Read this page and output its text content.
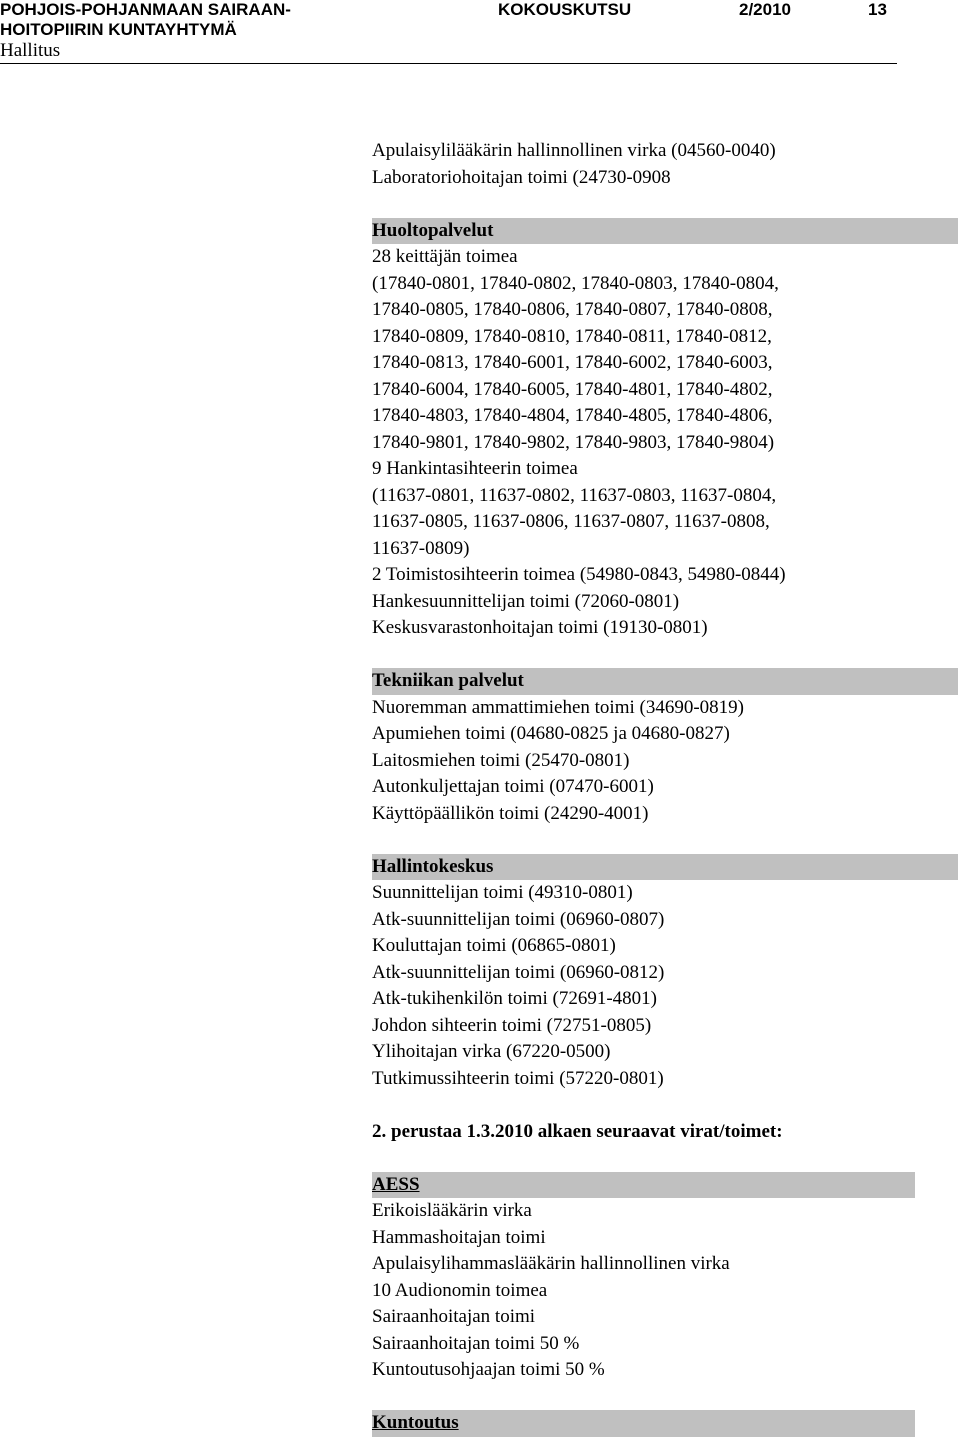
POHJOIS-POHJANMAAN SAIRAAN-
HOITOPIIRIN KUNTAYHTYMÄ
KOKOUSKUTSU	2/2010	13
Hallitus
Apulaisylilääkärin hallinnollinen virka (04560-0040)
Laboratoriohoitajan toimi (24730-0908
Huoltopalvelut
28 keittäjän toimea
(17840-0801, 17840-0802, 17840-0803, 17840-0804,
17840-0805, 17840-0806, 17840-0807, 17840-0808,
17840-0809, 17840-0810, 17840-0811, 17840-0812,
17840-0813, 17840-6001, 17840-6002, 17840-6003,
17840-6004, 17840-6005, 17840-4801, 17840-4802,
17840-4803, 17840-4804, 17840-4805, 17840-4806,
17840-9801, 17840-9802, 17840-9803, 17840-9804)
9 Hankintasihteerin toimea
(11637-0801, 11637-0802, 11637-0803, 11637-0804,
11637-0805, 11637-0806, 11637-0807, 11637-0808,
11637-0809)
2 Toimistosihteerin toimea (54980-0843, 54980-0844)
Hankesuunnittelijan toimi (72060-0801)
Keskusvarastonhoitajan toimi (19130-0801)
Tekniikan palvelut
Nuoremman ammattimiehen toimi (34690-0819)
Apumiehen toimi (04680-0825 ja 04680-0827)
Laitosmiehen toimi (25470-0801)
Autonkuljettajan toimi (07470-6001)
Käyttöpäällikön toimi (24290-4001)
Hallintokeskus
Suunnittelijan toimi (49310-0801)
Atk-suunnittelijan toimi (06960-0807)
Kouluttajan toimi (06865-0801)
Atk-suunnittelijan toimi (06960-0812)
Atk-tukihenkilön toimi (72691-4801)
Johdon sihteerin toimi (72751-0805)
Ylihoitajan virka (67220-0500)
Tutkimussihteerin toimi (57220-0801)
2. perustaa 1.3.2010 alkaen seuraavat virat/toimet:
AESS
Erikoislääkärin virka
Hammashoitajan toimi
Apulaisylihammaslääkärin hallinnollinen virka
10 Audionomin toimea
Sairaanhoitajan toimi
Sairaanhoitajan toimi 50 %
Kuntoutusohjaajan toimi 50 %
Kuntoutus
